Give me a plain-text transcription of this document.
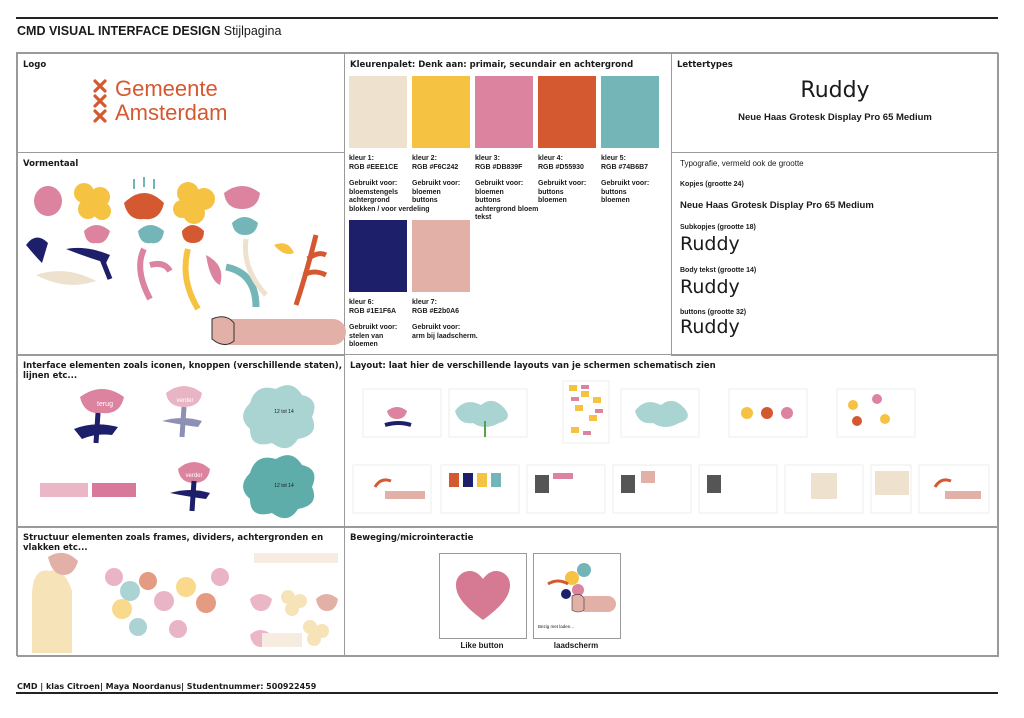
CMD VISUAL INTERFACE DESIGN Stijlpagina
Logo
Gemeente
Amsterdam
Kleurenpalet: Denk aan: primair, secundair en achtergrond
kleur 1:
RGB #EEE1CE
Gebruikt voor:
bloemstengels
achtergrond
blokken / voor verdeling
kleur 2:
RGB #F6C242
Gebruikt voor:
bloemen
buttons
kleur 3:
RGB #DB839F
Gebruikt voor:
bloemen
buttons
achtergrond bloem
tekst
kleur 4:
RGB #D55930
Gebruikt voor:
buttons
bloemen
kleur 5:
RGB #74B6B7
Gebruikt voor:
buttons
bloemen
kleur 6:
RGB #1E1F6A
Gebruikt voor:
stelen van
bloemen
kleur 7:
RGB #E2b0A6
Gebruikt voor:
arm bij laadscherm.
Lettertypes
Ruddy
Neue Haas Grotesk Display Pro 65 Medium
Vormentaal	Typografie, vermeld ook de grootte
Kopjes (grootte 24)
Neue Haas Grotesk Display Pro 65 Medium
Subkopjes (grootte 18)
Ruddy
Body tekst (grootte 14)
Ruddy
buttons (grootte 32)
Ruddy
Interface elementen zoals iconen, knoppen (verschillende staten), lijnen etc...
terug	verder
12 tot 14
verder
12 tot 14
Layout: laat hier de verschillende layouts van je schermen schematisch zien
Structuur elementen zoals frames, dividers, achtergronden en vlakken etc...
Beweging/microinteractie
Like button
Bezig met laden...
laadscherm
CMD | klas Citroen| Maya Noordanus| Studentnummer: 500922459
